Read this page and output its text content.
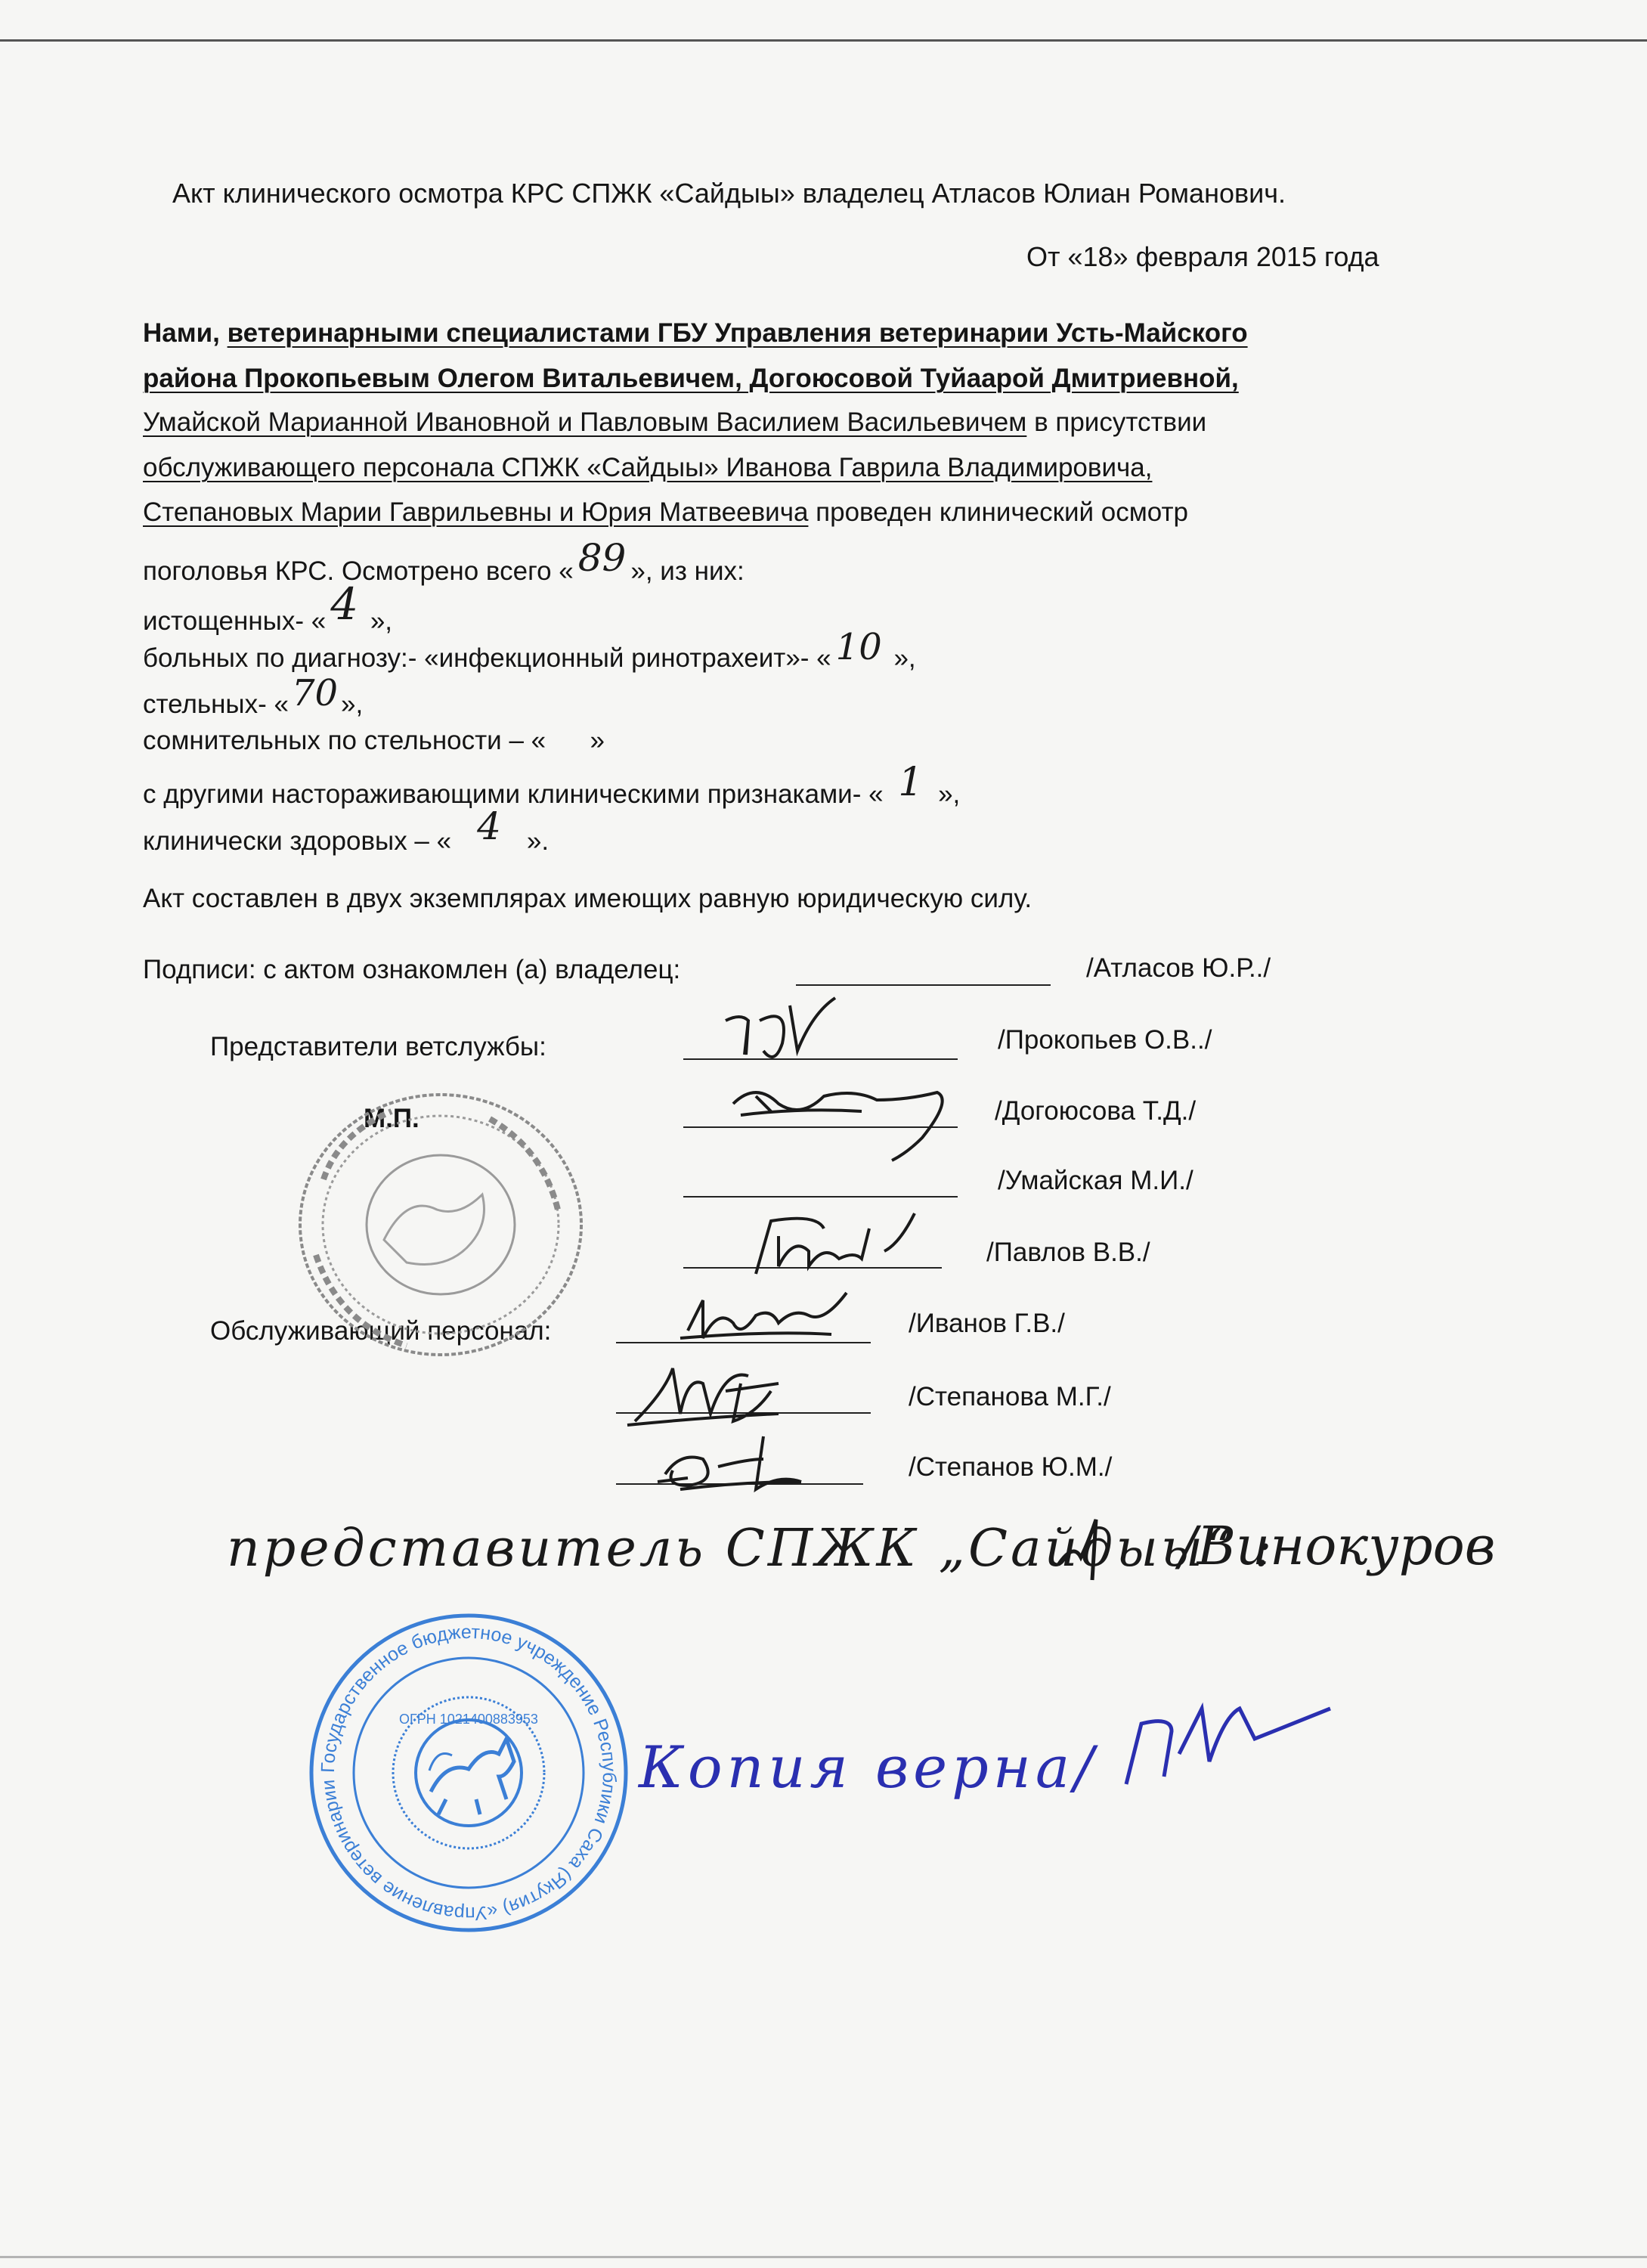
Акт клинического осмотра КРС СПЖК «Сайдыы» владелец Атласов Юлиан Романович.
От «18» февраля 2015 года
Нами, ветеринарными специалистами ГБУ Управления ветеринарии Усть-Майского
района Прокопьевым Олегом Витальевичем, Догоюсовой Туйаарой Дмитриевной,
Умайской Марианной Ивановной и Павловым Василием Васильевичем в присутствии
обслуживающего персонала СПЖК «Сайдыы» Иванова Гаврила Владимировича,
Степановых Марии Гаврильевны и Юрия Матвеевича проведен клинический осмотр
поголовья КРС. Осмотрено всего « 89 », из них:
истощенных- « 4 »,
больных по диагнозу:- «инфекционный ринотрахеит»- « 10 »,
стельных- «70 »,
сомнительных по стельности – «      »
с другими настораживающими клиническими признаками- « 1 »,
клинически здоровых – « 4 ».
Акт составлен в двух экземплярах имеющих равную юридическую силу.
Подписи: с актом ознакомлен (а) владелец:	/Атласов Ю.Р../
Представители ветслужбы:	/Прокопьев О.В../
/Догоюсова Т.Д./
/Умайская М.И./
/Павлов В.В./
М.П.
Обслуживающий персонал:	/Иванов Г.В./
/Степанова М.Г./
/Степанов Ю.М./
представитель СПЖК „Сайдыы“ :
/Винокуров
Государственное бюджетное учреждение Республики Саха (Якутия) «Управление ветеринарии Усть-Майского улуса (района)» с ветеринарно-испытательной лабораторией
ОГРН 1021400883953
Копия верна/
